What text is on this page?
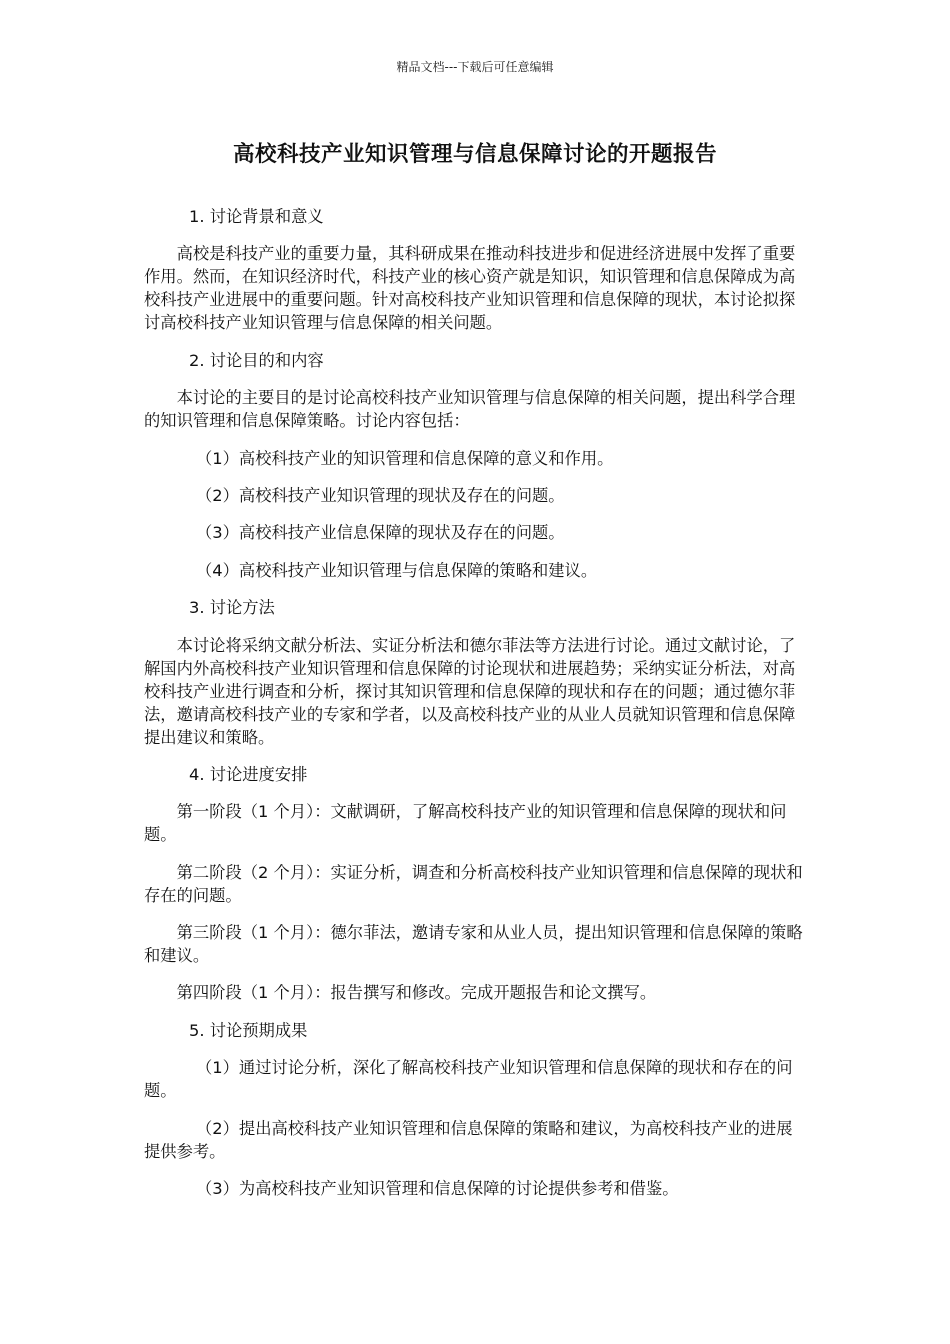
精品文档---下载后可任意编辑
高校科技产业知识管理与信息保障讨论的开题报告
1. 讨论背景和意义
高校是科技产业的重要力量，其科研成果在推动科技进步和促进经济进展中发挥了重要作用。然而，在知识经济时代，科技产业的核心资产就是知识，知识管理和信息保障成为高校科技产业进展中的重要问题。针对高校科技产业知识管理和信息保障的现状，本讨论拟探讨高校科技产业知识管理与信息保障的相关问题。
2. 讨论目的和内容
本讨论的主要目的是讨论高校科技产业知识管理与信息保障的相关问题，提出科学合理的知识管理和信息保障策略。讨论内容包括：
（1）高校科技产业的知识管理和信息保障的意义和作用。
（2）高校科技产业知识管理的现状及存在的问题。
（3）高校科技产业信息保障的现状及存在的问题。
（4）高校科技产业知识管理与信息保障的策略和建议。
3. 讨论方法
本讨论将采纳文献分析法、实证分析法和德尔菲法等方法进行讨论。通过文献讨论，了解国内外高校科技产业知识管理和信息保障的讨论现状和进展趋势；采纳实证分析法，对高校科技产业进行调查和分析，探讨其知识管理和信息保障的现状和存在的问题；通过德尔菲法，邀请高校科技产业的专家和学者，以及高校科技产业的从业人员就知识管理和信息保障提出建议和策略。
4. 讨论进度安排
第一阶段（1 个月）：文献调研，了解高校科技产业的知识管理和信息保障的现状和问题。
第二阶段（2 个月）：实证分析，调查和分析高校科技产业知识管理和信息保障的现状和存在的问题。
第三阶段（1 个月）：德尔菲法，邀请专家和从业人员，提出知识管理和信息保障的策略和建议。
第四阶段（1 个月）：报告撰写和修改。完成开题报告和论文撰写。
5. 讨论预期成果
（1）通过讨论分析，深化了解高校科技产业知识管理和信息保障的现状和存在的问题。
（2）提出高校科技产业知识管理和信息保障的策略和建议，为高校科技产业的进展提供参考。
（3）为高校科技产业知识管理和信息保障的讨论提供参考和借鉴。
